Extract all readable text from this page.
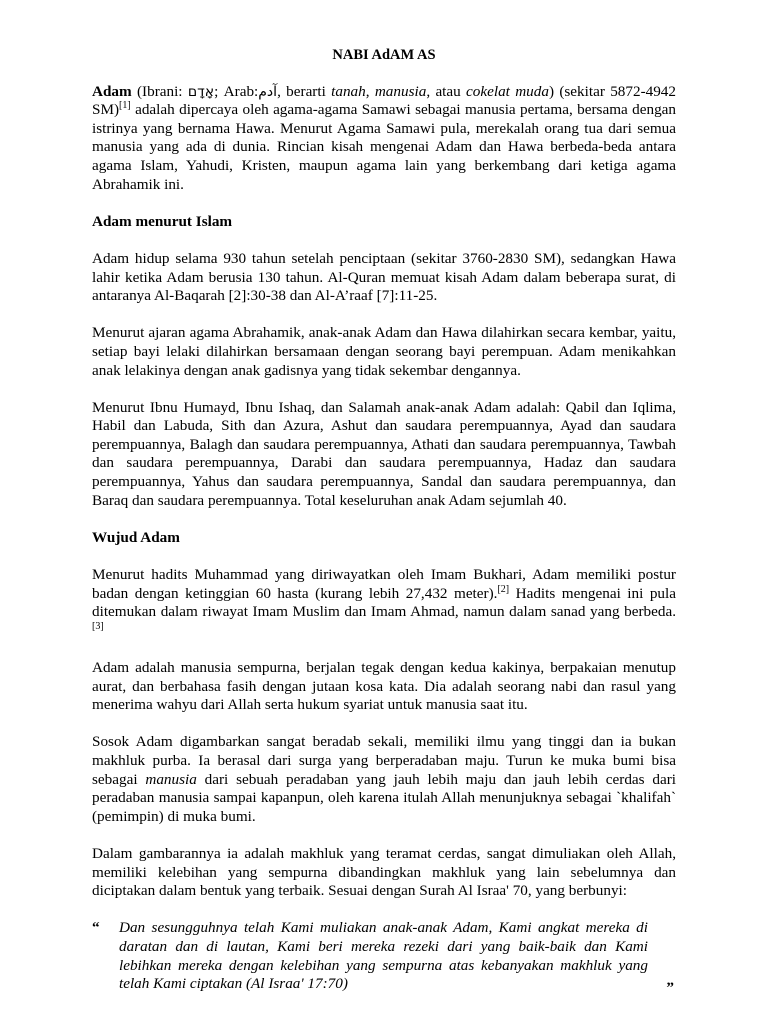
NABI AdAM AS

Adam (Ibrani: אָדָם; Arab:آدم, berarti tanah, manusia, atau cokelat muda) (sekitar 5872-4942 SM)[1] adalah dipercaya oleh agama-agama Samawi sebagai manusia pertama, bersama dengan istrinya yang bernama Hawa. Menurut Agama Samawi pula, merekalah orang tua dari semua manusia yang ada di dunia. Rincian kisah mengenai Adam dan Hawa berbeda-beda antara agama Islam, Yahudi, Kristen, maupun agama lain yang berkembang dari ketiga agama Abrahamik ini.

Adam menurut Islam

Adam hidup selama 930 tahun setelah penciptaan (sekitar 3760-2830 SM), sedangkan Hawa lahir ketika Adam berusia 130 tahun. Al-Quran memuat kisah Adam dalam beberapa surat, di antaranya Al-Baqarah [2]:30-38 dan Al-A’raaf [7]:11-25.

Menurut ajaran agama Abrahamik, anak-anak Adam dan Hawa dilahirkan secara kembar, yaitu, setiap bayi lelaki dilahirkan bersamaan dengan seorang bayi perempuan. Adam menikahkan anak lelakinya dengan anak gadisnya yang tidak sekembar dengannya.

Menurut Ibnu Humayd, Ibnu Ishaq, dan Salamah anak-anak Adam adalah: Qabil dan Iqlima, Habil dan Labuda, Sith dan Azura, Ashut dan saudara perempuannya, Ayad dan saudara perempuannya, Balagh dan saudara perempuannya, Athati dan saudara perempuannya, Tawbah dan saudara perempuannya, Darabi dan saudara perempuannya, Hadaz dan saudara perempuannya, Yahus dan saudara perempuannya, Sandal dan saudara perempuannya, dan Baraq dan saudara perempuannya. Total keseluruhan anak Adam sejumlah 40.

Wujud Adam

Menurut hadits Muhammad yang diriwayatkan oleh Imam Bukhari, Adam memiliki postur badan dengan ketinggian 60 hasta (kurang lebih 27,432 meter).[2] Hadits mengenai ini pula ditemukan dalam riwayat Imam Muslim dan Imam Ahmad, namun dalam sanad yang berbeda.[3]

Adam adalah manusia sempurna, berjalan tegak dengan kedua kakinya, berpakaian menutup aurat, dan berbahasa fasih dengan jutaan kosa kata. Dia adalah seorang nabi dan rasul yang menerima wahyu dari Allah serta hukum syariat untuk manusia saat itu.

Sosok Adam digambarkan sangat beradab sekali, memiliki ilmu yang tinggi dan ia bukan makhluk purba. Ia berasal dari surga yang berperadaban maju. Turun ke muka bumi bisa sebagai manusia dari sebuah peradaban yang jauh lebih maju dan jauh lebih cerdas dari peradaban manusia sampai kapanpun, oleh karena itulah Allah menunjuknya sebagai `khalifah` (pemimpin) di muka bumi.

Dalam gambarannya ia adalah makhluk yang teramat cerdas, sangat dimuliakan oleh Allah, memiliki kelebihan yang sempurna dibandingkan makhluk yang lain sebelumnya dan diciptakan dalam bentuk yang terbaik. Sesuai dengan Surah Al Israa' 70, yang berbunyi:

“ Dan sesungguhnya telah Kami muliakan anak-anak Adam, Kami angkat mereka di daratan dan di lautan, Kami beri mereka rezeki dari yang baik-baik dan Kami lebihkan mereka dengan kelebihan yang sempurna atas kebanyakan makhluk yang telah Kami ciptakan (Al Israa' 17:70)	”
